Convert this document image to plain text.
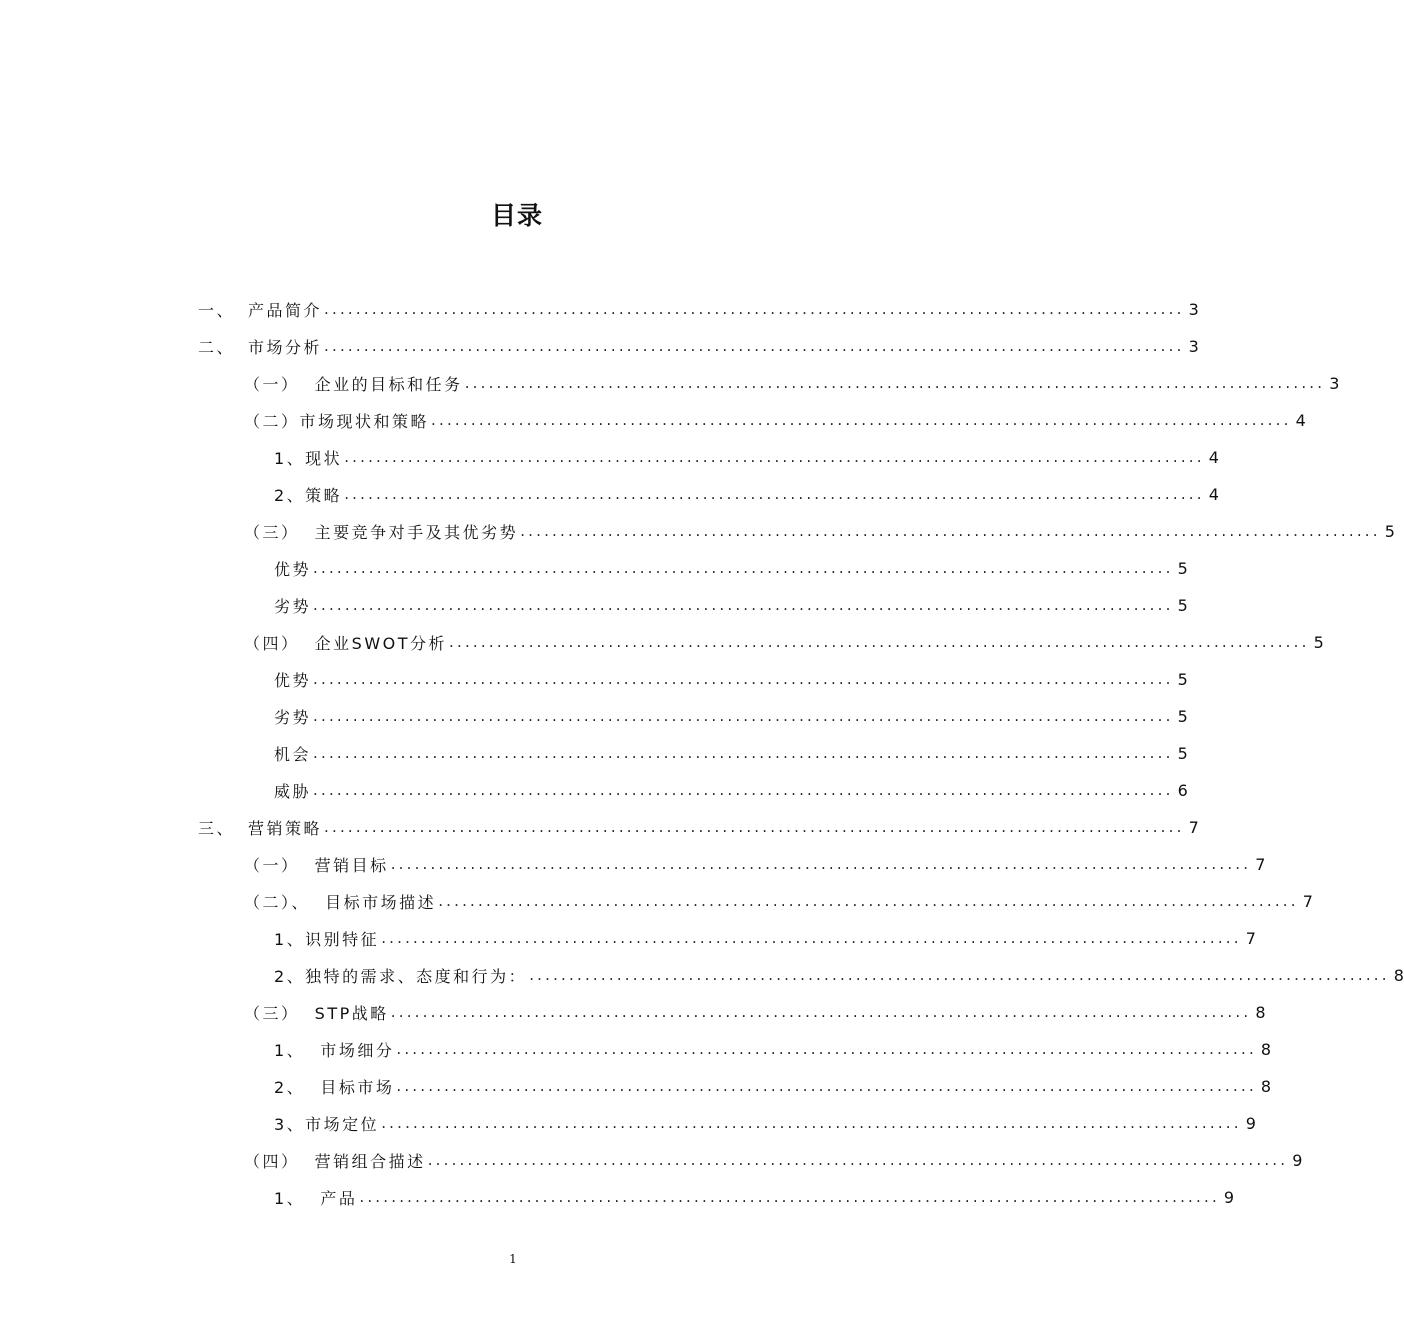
目录
一、 产品简介 ............................................................................................................ 3
二、 市场分析 ............................................................................................................ 3
（一）  企业的目标和任务 ............................................................................................................ 3
（二）市场现状和策略 ............................................................................................................ 4
1、现状 ............................................................................................................ 4
2、策略 ............................................................................................................ 4
（三）  主要竞争对手及其优劣势 ............................................................................................................ 5
优势 ............................................................................................................ 5
劣势 ............................................................................................................ 5
（四）  企业SWOT分析 ............................................................................................................ 5
优势 ............................................................................................................ 5
劣势 ............................................................................................................ 5
机会 ............................................................................................................ 5
威胁 ............................................................................................................ 6
三、 营销策略 ............................................................................................................ 7
（一）  营销目标 ............................................................................................................ 7
（二）、  目标市场描述 ............................................................................................................ 7
1、识别特征 ............................................................................................................ 7
2、独特的需求、态度和行为： ............................................................................................................ 8
（三）  STP战略 ............................................................................................................ 8
1、  市场细分 ............................................................................................................ 8
2、  目标市场 ............................................................................................................ 8
3、市场定位 ............................................................................................................ 9
（四）  营销组合描述 ............................................................................................................ 9
1、  产品 ............................................................................................................ 9
1
